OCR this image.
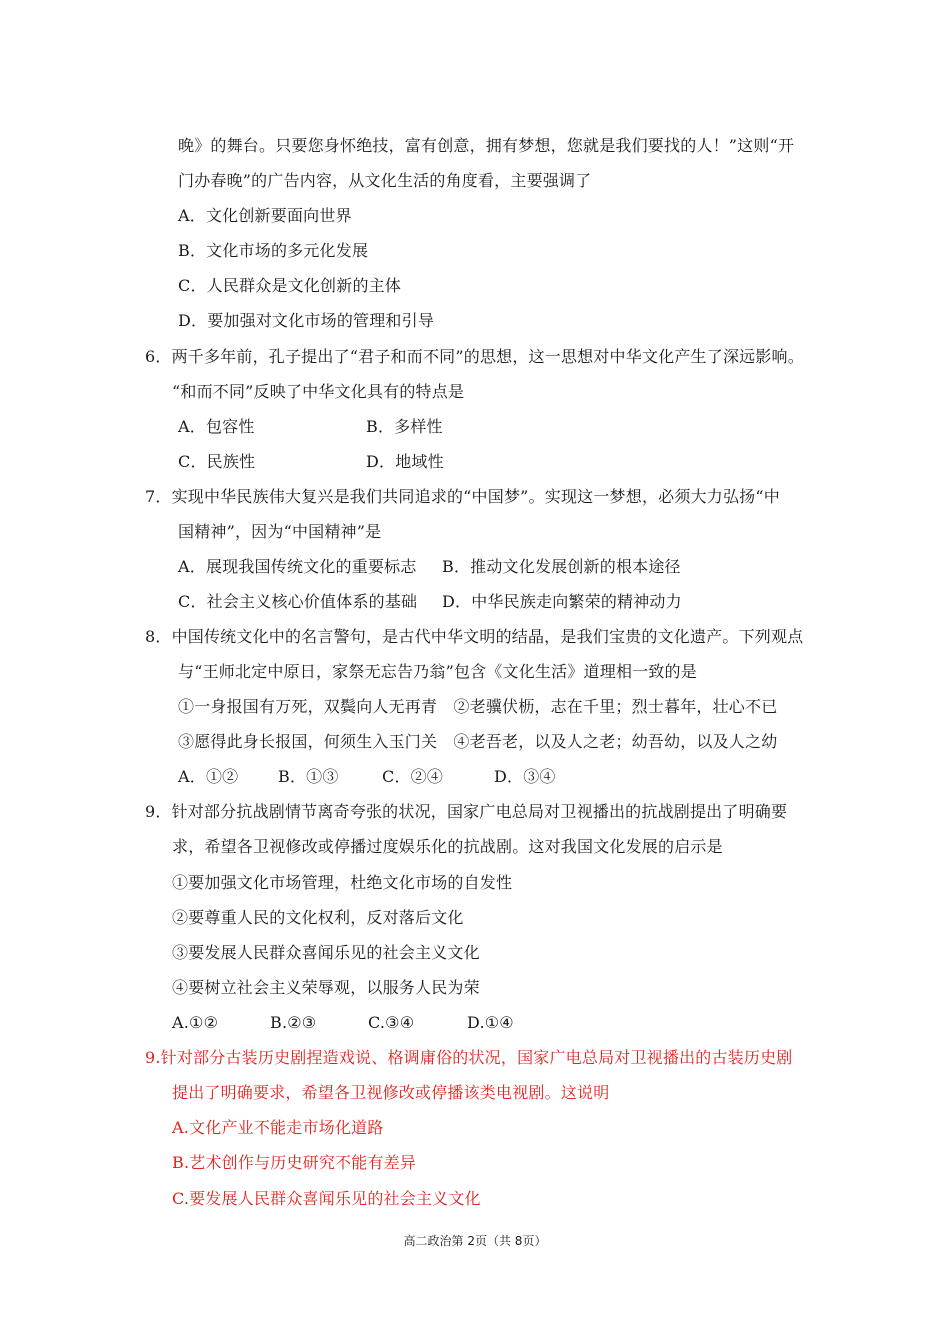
晚》的舞台。只要您身怀绝技，富有创意，拥有梦想，您就是我们要找的人！”这则“开
门办春晚”的广告内容，从文化生活的角度看，主要强调了
A．文化创新要面向世界
B．文化市场的多元化发展
C．人民群众是文化创新的主体
D．要加强对文化市场的管理和引导
6．两千多年前，孔子提出了“君子和而不同”的思想，这一思想对中华文化产生了深远影响。
“和而不同”反映了中华文化具有的特点是
A．包容性	B．多样性
C．民族性	D．地域性
7．实现中华民族伟大复兴是我们共同追求的“中国梦”。实现这一梦想，必须大力弘扬“中
国精神”，因为“中国精神”是
A．展现我国传统文化的重要标志 B．推动文化发展创新的根本途径
C．社会主义核心价值体系的基础 D．中华民族走向繁荣的精神动力
8．中国传统文化中的名言警句，是古代中华文明的结晶，是我们宝贵的文化遗产。下列观点
与“王师北定中原日，家祭无忘告乃翁”包含《文化生活》道理相一致的是
①一身报国有万死，双鬓向人无再青　②老骥伏枥，志在千里；烈士暮年，壮心不已
③愿得此身长报国，何须生入玉门关　④老吾老，以及人之老；幼吾幼，以及人之幼
A．①② B．①③	C．②④	D．③④
9．针对部分抗战剧情节离奇夸张的状况，国家广电总局对卫视播出的抗战剧提出了明确要
求，希望各卫视修改或停播过度娱乐化的抗战剧。这对我国文化发展的启示是
①要加强文化市场管理，杜绝文化市场的自发性
②要尊重人民的文化权利，反对落后文化
③要发展人民群众喜闻乐见的社会主义文化
④要树立社会主义荣辱观，以服务人民为荣
A.①②	B.②③	C.③④	D.①④
9.针对部分古装历史剧捏造戏说、格调庸俗的状况，国家广电总局对卫视播出的古装历史剧
提出了明确要求，希望各卫视修改或停播该类电视剧。这说明
A.文化产业不能走市场化道路
B.艺术创作与历史研究不能有差异
C.要发展人民群众喜闻乐见的社会主义文化
高二政治第 2页（共 8页）
